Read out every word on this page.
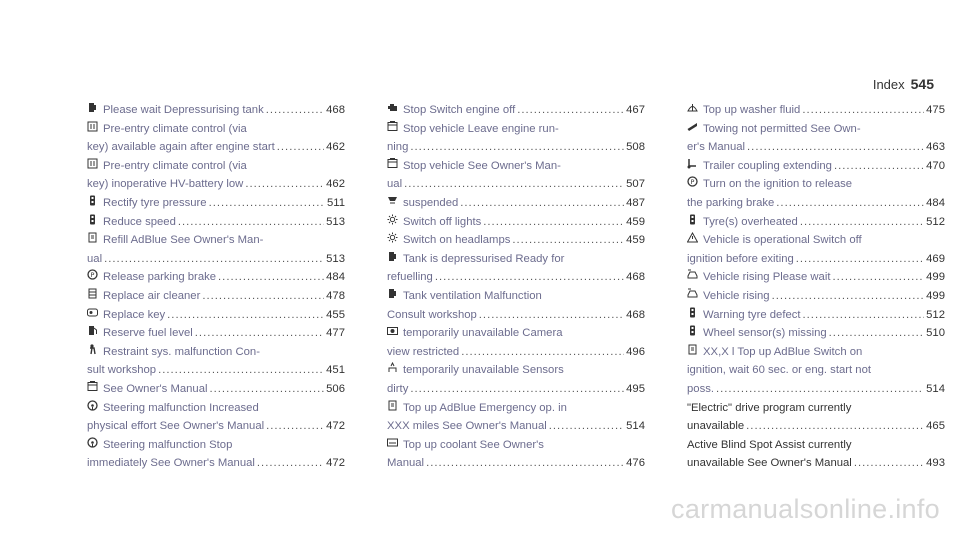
Index 545
Please wait Depressurising tank .....	468
Pre-entry climate control (via
key) available again after engine start .....	462
Pre-entry climate control (via
key) inoperative HV-battery low .....	462
Rectify tyre pressure .....	511
Reduce speed .....	513
Refill AdBlue See Owner's Man-
ual .....	513
P Release parking brake .....	484
Replace air cleaner .....	478
Replace key .....	455
Reserve fuel level .....	477
Restraint sys. malfunction Con-
sult workshop .....	451
See Owner's Manual .....	506
Steering malfunction Increased
physical effort See Owner's Manual .....	472
Steering malfunction Stop
immediately See Owner's Manual .....	472
Stop Switch engine off .....	467
Stop vehicle Leave engine run-
ning .....	508
Stop vehicle See Owner's Man-
ual .....	507
suspended .....	487
Switch off lights .....	459
Switch on headlamps .....	459
Tank is depressurised Ready for
refuelling .....	468
Tank ventilation Malfunction
Consult workshop .....	468
temporarily unavailable Camera
view restricted .....	496
temporarily unavailable Sensors
dirty .....	495
Top up AdBlue Emergency op. in
XXX miles See Owner's Manual .....	514
Top up coolant See Owner's
Manual .....	476
Top up washer fluid .....	475
Towing not permitted See Own-
er's Manual .....	463
Trailer coupling extending .....	470
P Turn on the ignition to release
the parking brake .....	484
Tyre(s) overheated .....	512
Vehicle is operational Switch off
ignition before exiting .....	469
Vehicle rising Please wait .....	499
Vehicle rising .....	499
Warning tyre defect .....	512
Wheel sensor(s) missing .....	510
XX,X l Top up AdBlue Switch on
ignition, wait 60 sec. or eng. start not
poss. .....	514
"Electric" drive program currently
unavailable .....	465
Active Blind Spot Assist currently
unavailable See Owner's Manual .....	493
carmanualsonline.info
